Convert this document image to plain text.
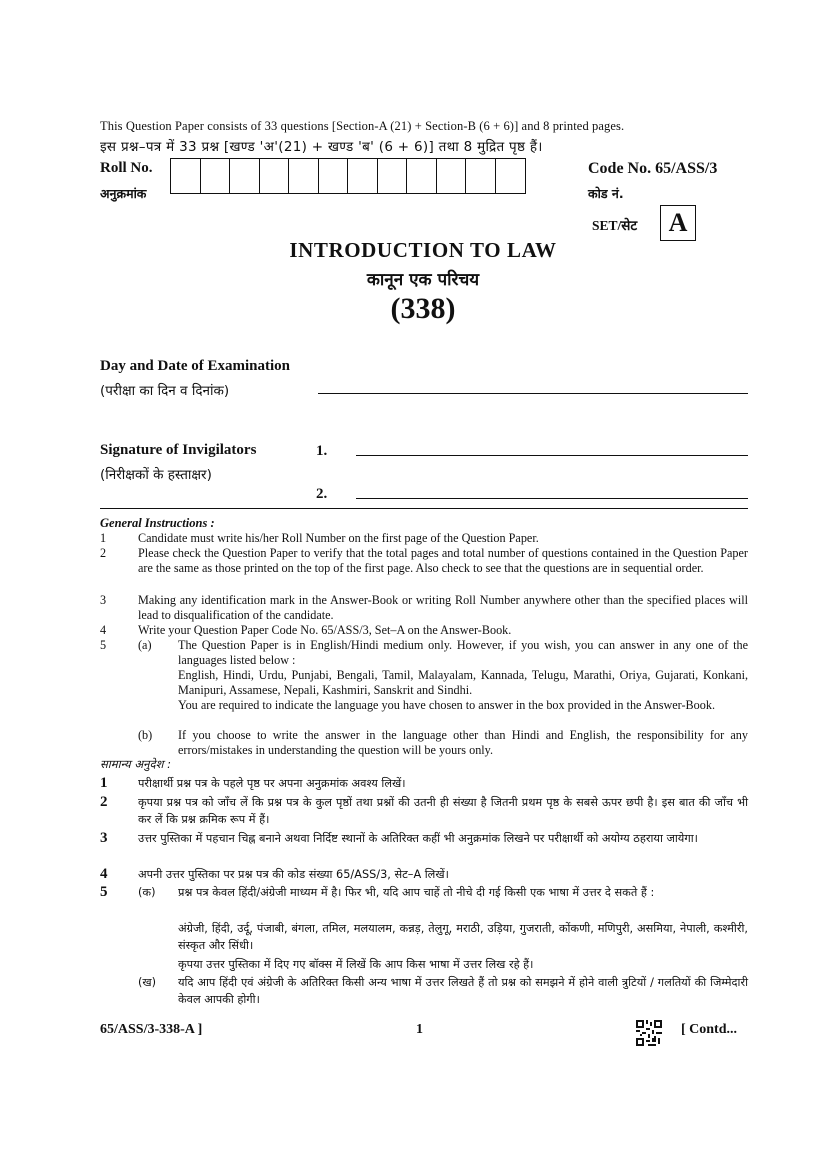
This Question Paper consists of 33 questions [Section-A (21) + Section-B (6 + 6)] and 8 printed pages.
इस प्रश्न–पत्र में 33 प्रश्न [खण्ड 'अ'(21) + खण्ड 'ब' (6 + 6)] तथा 8 मुद्रित पृष्ठ हैं।
Roll No.
अनुक्रमांक
Code No. 65/ASS/3
कोड नं.
SET/सेट	A
INTRODUCTION TO LAW
कानून एक परिचय
(338)
Day and Date of Examination
(परीक्षा का दिन व दिनांक)
Signature of Invigilators
(निरीक्षकों के हस्ताक्षर)
1.
2.
General Instructions :
1	Candidate must write his/her Roll Number on the first page of the Question Paper.
2	Please check the Question Paper to verify that the total pages and total number of questions contained in the Question Paper are the same as those printed on the top of the first page. Also check to see that the questions are in sequential order.
3	Making any identification mark in the Answer-Book or writing Roll Number anywhere other than the specified places will lead to disqualification of the candidate.
4	Write your Question Paper Code No. 65/ASS/3, Set–A on the Answer-Book.
5	(a)	The Question Paper is in English/Hindi medium only. However, if you wish, you can answer in any one of the languages listed below :
English, Hindi, Urdu, Punjabi, Bengali, Tamil, Malayalam, Kannada, Telugu, Marathi, Oriya, Gujarati, Konkani, Manipuri, Assamese, Nepali, Kashmiri, Sanskrit and Sindhi.
You are required to indicate the language you have chosen to answer in the box provided in the Answer-Book.
(b)	If you choose to write the answer in the language other than Hindi and English, the responsibility for any errors/mistakes in understanding the question will be yours only.
सामान्य अनुदेश :
1	परीक्षार्थी प्रश्न पत्र के पहले पृष्ठ पर अपना अनुक्रमांक अवश्य लिखें।
2	कृपया प्रश्न पत्र को जाँच लें कि प्रश्न पत्र के कुल पृष्ठों तथा प्रश्नों की उतनी ही संख्या है जितनी प्रथम पृष्ठ के सबसे ऊपर छपी है। इस बात की जाँच भी कर लें कि प्रश्न क्रमिक रूप में हैं।
3	उत्तर पुस्तिका में पहचान चिह्न बनाने अथवा निर्दिष्ट स्थानों के अतिरिक्त कहीं भी अनुक्रमांक लिखने पर परीक्षार्थी को अयोग्य ठहराया जायेगा।
4	अपनी उत्तर पुस्तिका पर प्रश्न पत्र की कोड संख्या 65/ASS/3, सेट–A लिखें।
5	(क)	प्रश्न पत्र केवल हिंदी/अंग्रेजी माध्यम में है। फिर भी, यदि आप चाहें तो नीचे दी गई किसी एक भाषा में उत्तर दे सकते हैं :
अंग्रेजी, हिंदी, उर्दू, पंजाबी, बंगला, तमिल, मलयालम, कन्नड़, तेलुगू, मराठी, उड़िया, गुजराती, कोंकणी, मणिपुरी, असमिया, नेपाली, कश्मीरी, संस्कृत और सिंधी।
कृपया उत्तर पुस्तिका में दिए गए बॉक्स में लिखें कि आप किस भाषा में उत्तर लिख रहे हैं।
(ख)	यदि आप हिंदी एवं अंग्रेजी के अतिरिक्त किसी अन्य भाषा में उत्तर लिखते हैं तो प्रश्न को समझने में होने वाली त्रुटियों / गलतियों की जिम्मेदारी केवल आपकी होगी।
65/ASS/3-338-A ]	1	[ Contd...
